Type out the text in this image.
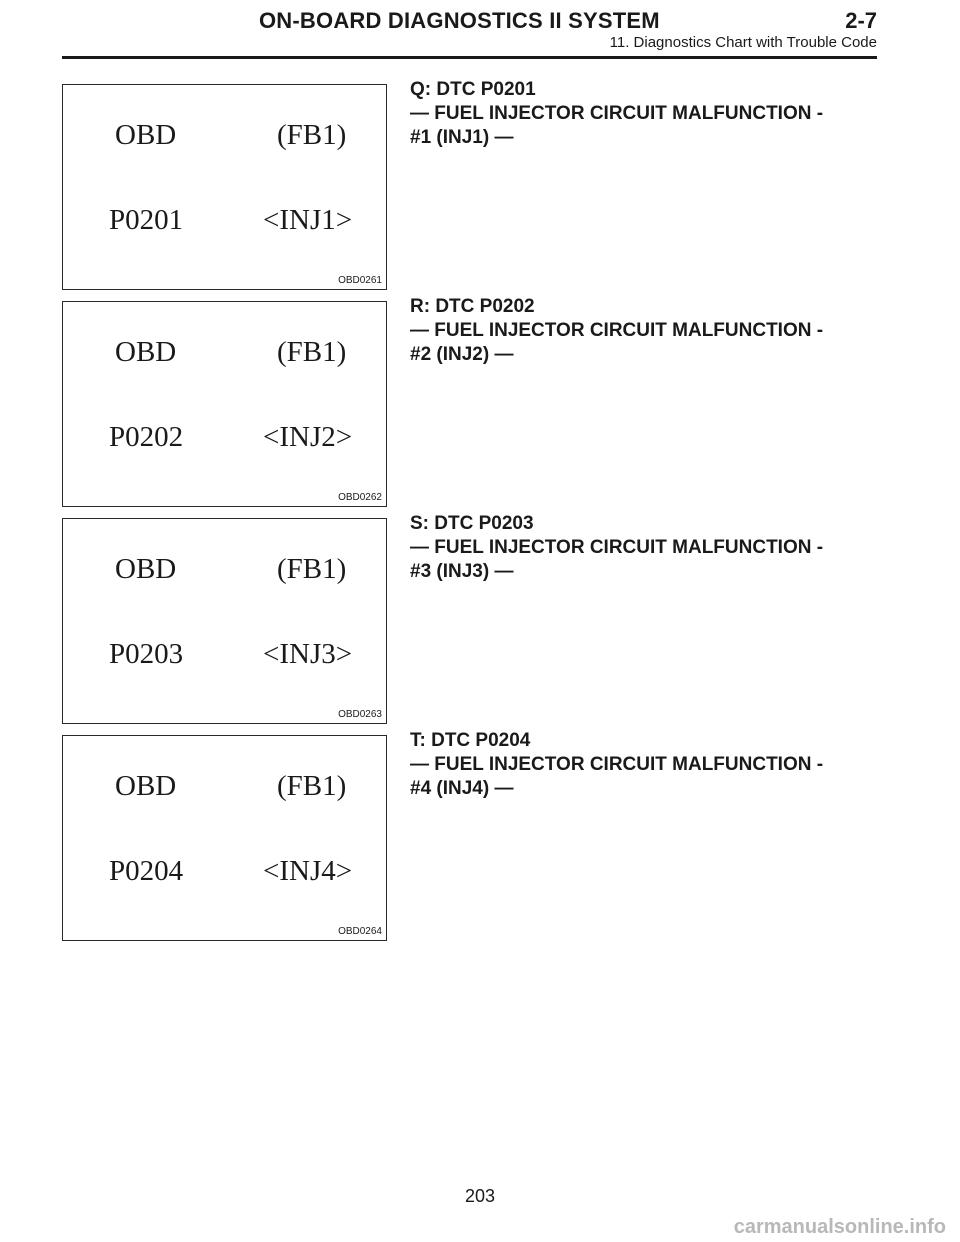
ON-BOARD DIAGNOSTICS II SYSTEM	2-7
11. Diagnostics Chart with Trouble Code
OBD	(FB1)
P0201	<INJ1>
OBD0261
Q: DTC P0201
— FUEL INJECTOR CIRCUIT MALFUNCTION -
#1 (INJ1) —
OBD	(FB1)
P0202	<INJ2>
OBD0262
R: DTC P0202
— FUEL INJECTOR CIRCUIT MALFUNCTION -
#2 (INJ2) —
OBD	(FB1)
P0203	<INJ3>
OBD0263
S: DTC P0203
— FUEL INJECTOR CIRCUIT MALFUNCTION -
#3 (INJ3) —
OBD	(FB1)
P0204	<INJ4>
OBD0264
T: DTC P0204
— FUEL INJECTOR CIRCUIT MALFUNCTION -
#4 (INJ4) —
203
carmanualsonline.info
